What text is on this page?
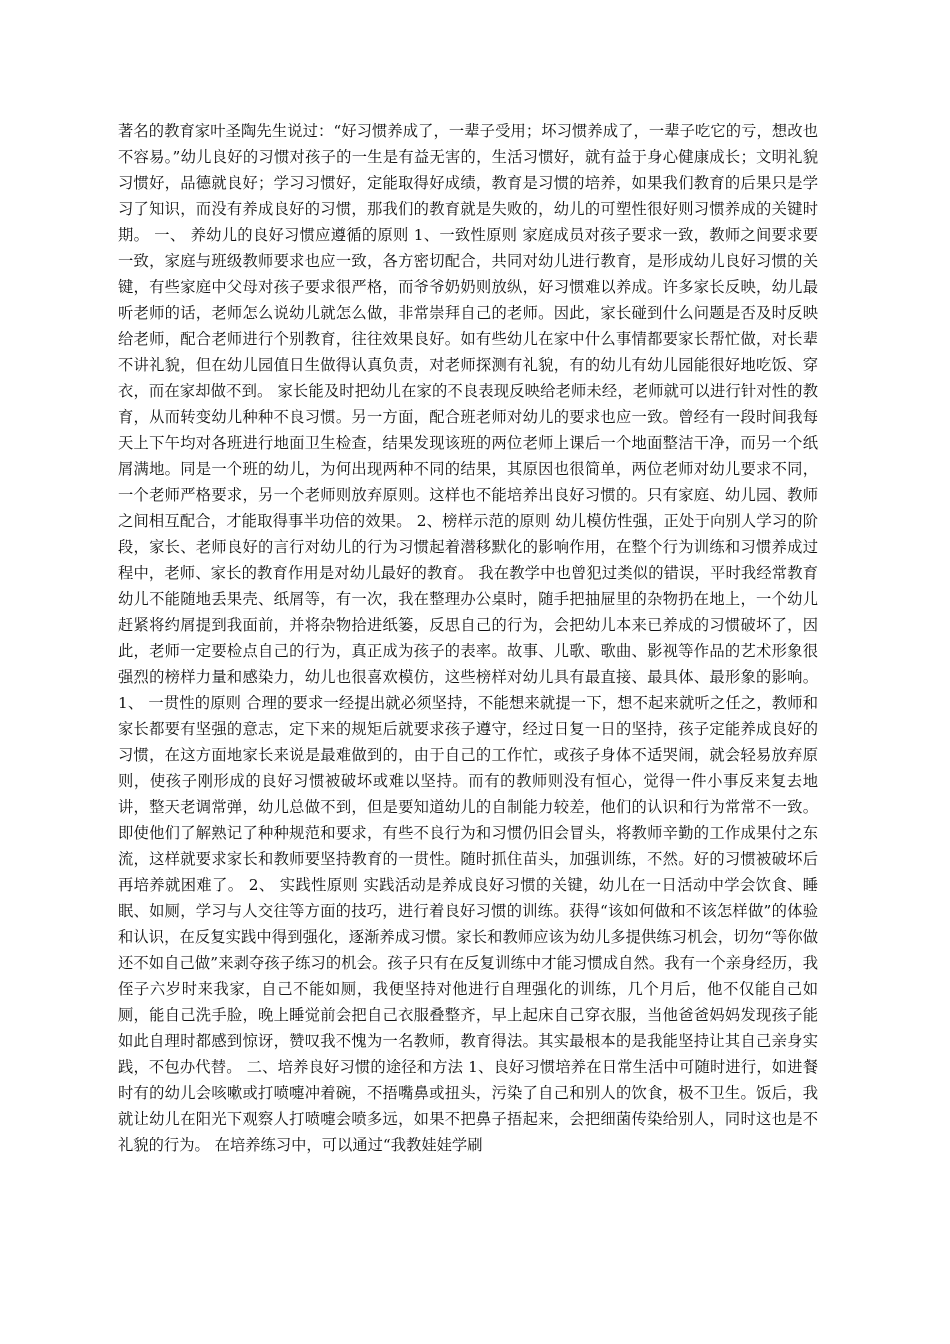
著名的教育家叶圣陶先生说过：“好习惯养成了，一辈子受用；坏习惯养成了，一辈子吃它的亏，想改也不容易。”幼儿良好的习惯对孩子的一生是有益无害的，生活习惯好，就有益于身心健康成长；文明礼貌习惯好，品德就良好；学习习惯好，定能取得好成绩，教育是习惯的培养，如果我们教育的后果只是学习了知识，而没有养成良好的习惯，那我们的教育就是失败的，幼儿的可塑性很好则习惯养成的关键时期。 一、 养幼儿的良好习惯应遵循的原则 1、一致性原则 家庭成员对孩子要求一致，教师之间要求要一致，家庭与班级教师要求也应一致，各方密切配合，共同对幼儿进行教育，是形成幼儿良好习惯的关键，有些家庭中父母对孩子要求很严格，而爷爷奶奶则放纵，好习惯难以养成。许多家长反映，幼儿最听老师的话，老师怎么说幼儿就怎么做，非常崇拜自己的老师。因此，家长碰到什么问题是否及时反映给老师，配合老师进行个别教育，往往效果良好。如有些幼儿在家中什么事情都要家长帮忙做，对长辈不讲礼貌，但在幼儿园值日生做得认真负责，对老师探测有礼貌，有的幼儿有幼儿园能很好地吃饭、穿衣，而在家却做不到。 家长能及时把幼儿在家的不良表现反映给老师未经，老师就可以进行针对性的教育，从而转变幼儿种种不良习惯。另一方面，配合班老师对幼儿的要求也应一致。曾经有一段时间我每天上下午均对各班进行地面卫生检查，结果发现该班的两位老师上课后一个地面整洁干净，而另一个纸屑满地。同是一个班的幼儿，为何出现两种不同的结果，其原因也很简单，两位老师对幼儿要求不同，一个老师严格要求，另一个老师则放弃原则。这样也不能培养出良好习惯的。只有家庭、幼儿园、教师之间相互配合，才能取得事半功倍的效果。 2、榜样示范的原则 幼儿模仿性强，正处于向别人学习的阶段，家长、老师良好的言行对幼儿的行为习惯起着潜移默化的影响作用，在整个行为训练和习惯养成过程中，老师、家长的教育作用是对幼儿最好的教育。 我在教学中也曾犯过类似的错误，平时我经常教育幼儿不能随地丢果壳、纸屑等，有一次，我在整理办公桌时，随手把抽屉里的杂物扔在地上，一个幼儿赶紧将约屑提到我面前，并将杂物拾进纸篓，反思自己的行为，会把幼儿本来已养成的习惯破坏了，因此，老师一定要检点自己的行为，真正成为孩子的表率。故事、儿歌、歌曲、影视等作品的艺术形象很强烈的榜样力量和感染力，幼儿也很喜欢模仿，这些榜样对幼儿具有最直接、最具体、最形象的影响。 1、 一贯性的原则 合理的要求一经提出就必须坚持，不能想来就提一下，想不起来就听之任之，教师和家长都要有坚强的意志，定下来的规矩后就要求孩子遵守，经过日复一日的坚持，孩子定能养成良好的习惯，在这方面地家长来说是最难做到的，由于自己的工作忙，或孩子身体不适哭闹，就会轻易放弃原则，使孩子刚形成的良好习惯被破坏或难以坚持。而有的教师则没有恒心，觉得一件小事反来复去地讲，整天老调常弹，幼儿总做不到，但是要知道幼儿的自制能力较差，他们的认识和行为常常不一致。即使他们了解熟记了种种规范和要求，有些不良行为和习惯仍旧会冒头，将教师辛勤的工作成果付之东流，这样就要求家长和教师要坚持教育的一贯性。随时抓住苗头，加强训练，不然。好的习惯被破坏后再培养就困难了。 2、 实践性原则 实践活动是养成良好习惯的关键，幼儿在一日活动中学会饮食、睡眠、如厕，学习与人交往等方面的技巧，进行着良好习惯的训练。获得“该如何做和不该怎样做”的体验和认识，在反复实践中得到强化，逐渐养成习惯。家长和教师应该为幼儿多提供练习机会，切勿“等你做还不如自己做”来剥夺孩子练习的机会。孩子只有在反复训练中才能习惯成自然。我有一个亲身经历，我侄子六岁时来我家，自己不能如厕，我便坚持对他进行自理强化的训练，几个月后，他不仅能自己如厕，能自己洗手脸，晚上睡觉前会把自己衣服叠整齐，早上起床自己穿衣服，当他爸爸妈妈发现孩子能如此自理时都感到惊讶，赞叹我不愧为一名教师，教育得法。其实最根本的是我能坚持让其自己亲身实践，不包办代替。 二、培养良好习惯的途径和方法 1、良好习惯培养在日常生活中可随时进行，如进餐时有的幼儿会咳嗽或打喷嚏冲着碗，不捂嘴鼻或扭头，污染了自己和别人的饮食，极不卫生。饭后，我就让幼儿在阳光下观察人打喷嚏会喷多远，如果不把鼻子捂起来，会把细菌传染给别人，同时这也是不礼貌的行为。 在培养练习中，可以通过“我教娃娃学刷
